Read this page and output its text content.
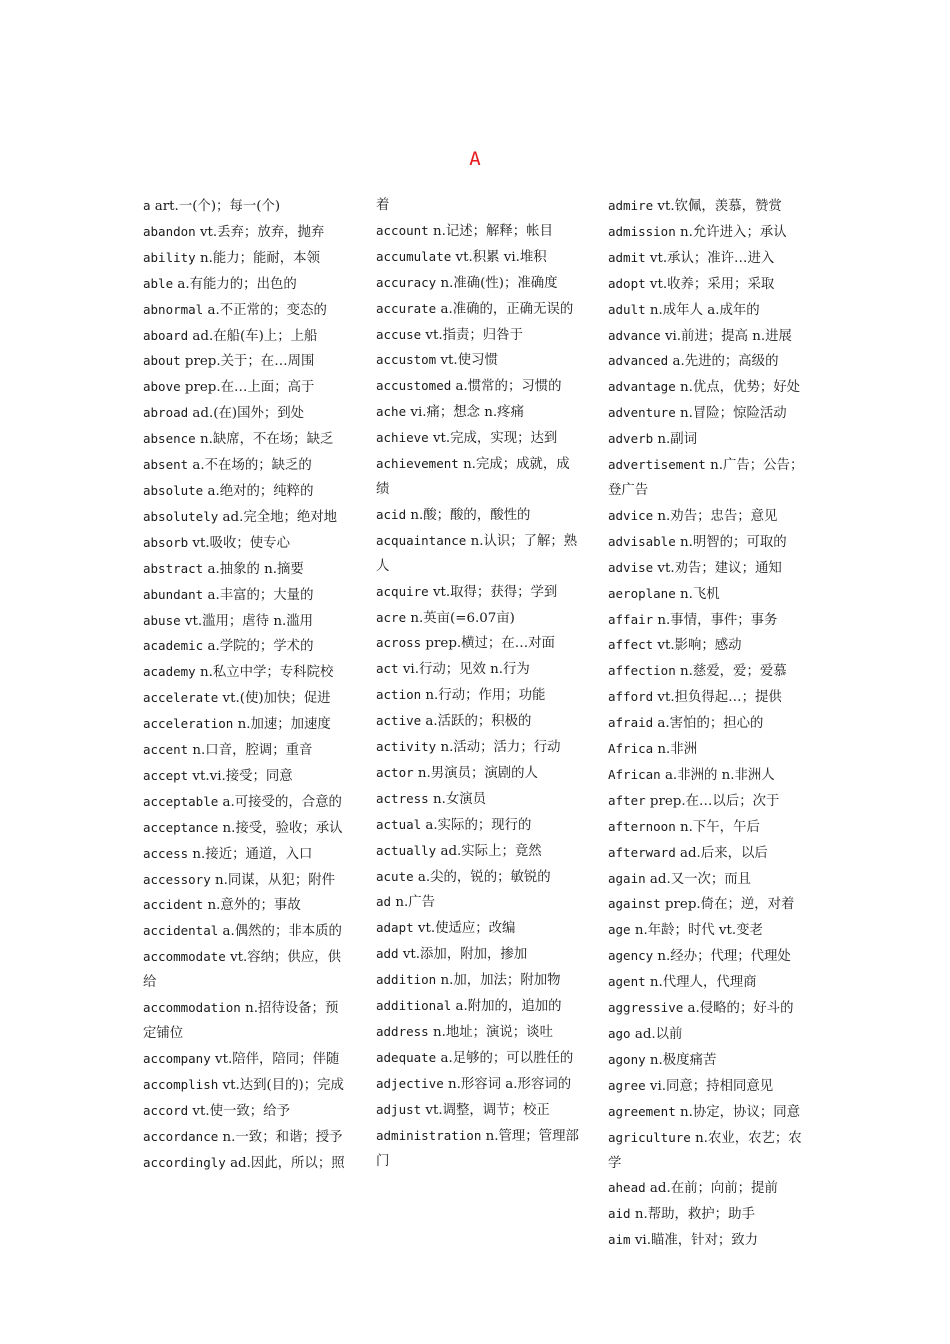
A

a art.一(个)；每一(个)

abandon vt.丢弃；放弃，抛弃

ability n.能力；能耐，本领

able a.有能力的；出色的

abnormal a.不正常的；变态的

aboard ad.在船(车)上；上船

about prep.关于；在…周围

above prep.在…上面；高于

abroad ad.(在)国外；到处

absence n.缺席，不在场；缺乏

absent a.不在场的；缺乏的

absolute a.绝对的；纯粹的

absolutely ad.完全地；绝对地

absorb vt.吸收；使专心

abstract a.抽象的 n.摘要

abundant a.丰富的；大量的

abuse vt.滥用；虐待 n.滥用

academic a.学院的；学术的

academy n.私立中学；专科院校

accelerate vt.(使)加快；促进

acceleration n.加速；加速度

accent n.口音，腔调；重音

accept vt.vi.接受；同意

acceptable a.可接受的，合意的

acceptance n.接受，验收；承认

access n.接近；通道，入口

accessory n.同谋，从犯；附件

accident n.意外的；事故

accidental a.偶然的；非本质的

accommodate vt.容纳；供应，供给

accommodation n.招待设备；预定铺位

accompany vt.陪伴，陪同；伴随

accomplish vt.达到(目的)；完成

accord vt.使一致；给予

accordance n.一致；和谐；授予

accordingly ad.因此，所以；照

着

account n.记述；解释；帐目

accumulate vt.积累 vi.堆积

accuracy n.准确(性)；准确度

accurate a.准确的，正确无误的

accuse vt.指责；归咎于

accustom vt.使习惯

accustomed a.惯常的；习惯的

ache vi.痛；想念 n.疼痛

achieve vt.完成，实现；达到

achievement n.完成；成就，成绩

acid n.酸；酸的，酸性的

acquaintance n.认识；了解；熟人

acquire vt.取得；获得；学到

acre n.英亩(=6.07亩)

across prep.横过；在…对面

act vi.行动；见效 n.行为

action n.行动；作用；功能

active a.活跃的；积极的

activity n.活动；活力；行动

actor n.男演员；演剧的人

actress n.女演员

actual a.实际的；现行的

actually ad.实际上；竟然

acute a.尖的，锐的；敏锐的

ad n.广告

adapt vt.使适应；改编

add vt.添加，附加，掺加

addition n.加，加法；附加物

additional a.附加的，追加的

address n.地址；演说；谈吐

adequate a.足够的；可以胜任的

adjective n.形容词 a.形容词的

adjust vt.调整，调节；校正

administration n.管理；管理部门

admire vt.钦佩，羡慕，赞赏

admission n.允许进入；承认

admit vt.承认；准许…进入

adopt vt.收养；采用；采取

adult n.成年人 a.成年的

advance vi.前进；提高 n.进展

advanced a.先进的；高级的

advantage n.优点，优势；好处

adventure n.冒险；惊险活动

adverb n.副词

advertisement n.广告；公告；登广告

advice n.劝告；忠告；意见

advisable n.明智的；可取的

advise vt.劝告；建议；通知

aeroplane n.飞机

affair n.事情，事件；事务

affect vt.影响；感动

affection n.慈爱，爱；爱慕

afford vt.担负得起…；提供

afraid a.害怕的；担心的

Africa n.非洲

African a.非洲的 n.非洲人

after prep.在…以后；次于

afternoon n.下午，午后

afterward ad.后来，以后

again ad.又一次；而且

against prep.倚在；逆，对着

age n.年龄；时代 vt.变老

agency n.经办；代理；代理处

agent n.代理人，代理商

aggressive a.侵略的；好斗的

ago ad.以前

agony n.极度痛苦

agree vi.同意；持相同意见

agreement n.协定，协议；同意

agriculture n.农业，农艺；农学

ahead ad.在前；向前；提前

aid n.帮助，救护；助手

aim vi.瞄准，针对；致力
